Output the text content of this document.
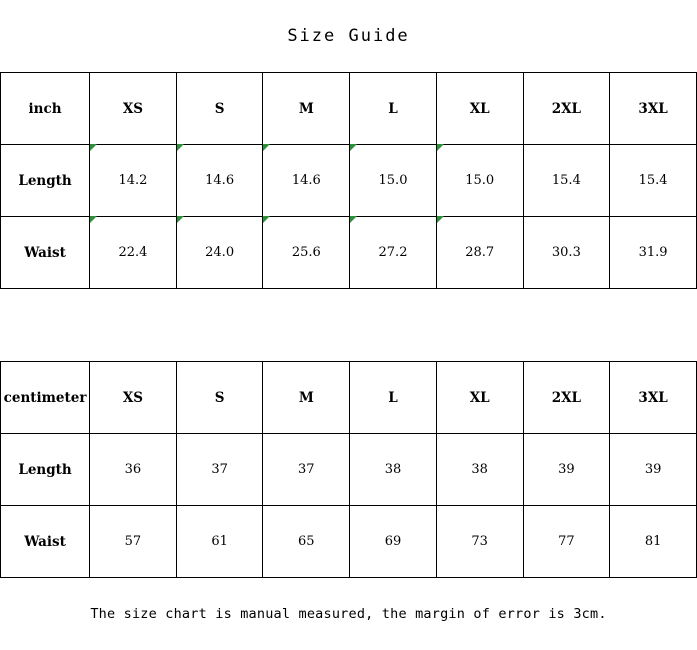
Size Guide
inch	XS	S	M	L	XL	2XL	3XL
Length	14.2	14.6	14.6	15.0	15.0	15.4	15.4
Waist	22.4	24.0	25.6	27.2	28.7	30.3	31.9
centimeter	XS	S	M	L	XL	2XL	3XL
Length	36	37	37	38	38	39	39
Waist	57	61	65	69	73	77	81
The size chart is manual measured, the margin of error is 3cm.
